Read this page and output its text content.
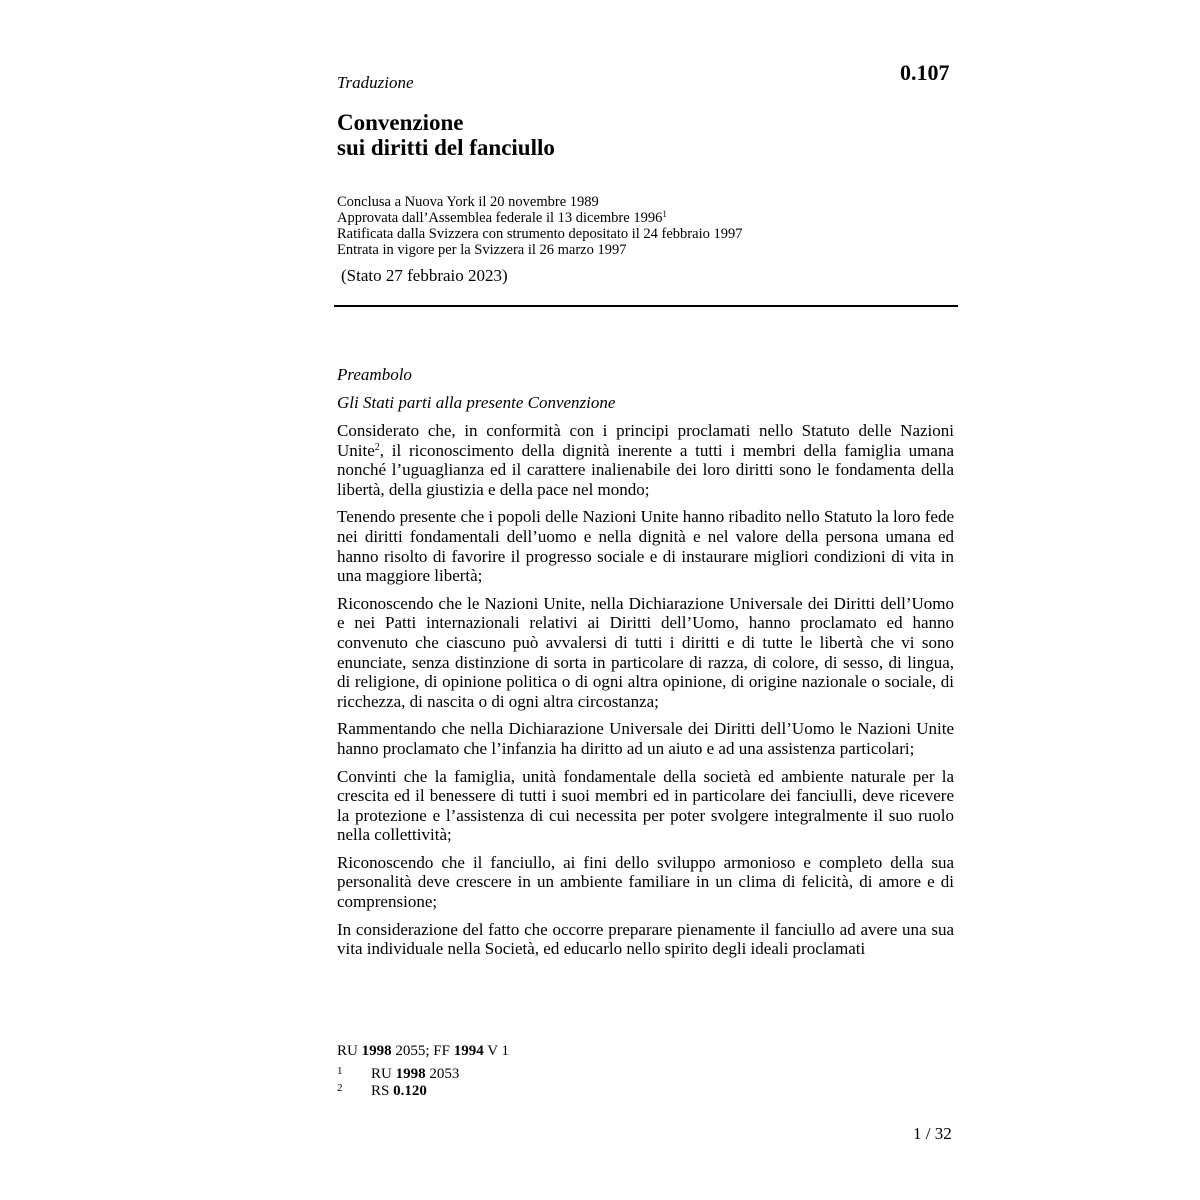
Traduzione	0.107
Convenzione
sui diritti del fanciullo
Conclusa a Nuova York il 20 novembre 1989
Approvata dall’Assemblea federale il 13 dicembre 1996$^1$
Ratificata dalla Svizzera con strumento depositato il 24 febbraio 1997
Entrata in vigore per la Svizzera il 26 marzo 1997
(Stato 27 febbraio 2023)
Preambolo
Gli Stati parti alla presente Convenzione

Considerato che, in conformità con i principi proclamati nello Statuto delle Nazioni Unite$^2$, il riconoscimento della dignità inerente a tutti i membri della famiglia umana nonché l’uguaglianza ed il carattere inalienabile dei loro diritti sono le fondamenta della libertà, della giustizia e della pace nel mondo;

Tenendo presente che i popoli delle Nazioni Unite hanno ribadito nello Statuto la loro fede nei diritti fondamentali dell’uomo e nella dignità e nel valore della persona umana ed hanno risolto di favorire il progresso sociale e di instaurare migliori condizioni di vita in una maggiore libertà;

Riconoscendo che le Nazioni Unite, nella Dichiarazione Universale dei Diritti dell’Uomo e nei Patti internazionali relativi ai Diritti dell’Uomo, hanno proclamato ed hanno convenuto che ciascuno può avvalersi di tutti i diritti e di tutte le libertà che vi sono enunciate, senza distinzione di sorta in particolare di razza, di colore, di sesso, di lingua, di religione, di opinione politica o di ogni altra opinione, di origine nazionale o sociale, di ricchezza, di nascita o di ogni altra circostanza;

Rammentando che nella Dichiarazione Universale dei Diritti dell’Uomo le Nazioni Unite hanno proclamato che l’infanzia ha diritto ad un aiuto e ad una assistenza particolari;

Convinti che la famiglia, unità fondamentale della società ed ambiente naturale per la crescita ed il benessere di tutti i suoi membri ed in particolare dei fanciulli, deve ricevere la protezione e l’assistenza di cui necessita per poter svolgere integralmente il suo ruolo nella collettività;

Riconoscendo che il fanciullo, ai fini dello sviluppo armonioso e completo della sua personalità deve crescere in un ambiente familiare in un clima di felicità, di amore e di comprensione;

In considerazione del fatto che occorre preparare pienamente il fanciullo ad avere una sua vita individuale nella Società, ed educarlo nello spirito degli ideali proclamati

RU 1998 2055; FF 1994 V 1
1 RU 1998 2053
2 RS 0.120
1 / 32
